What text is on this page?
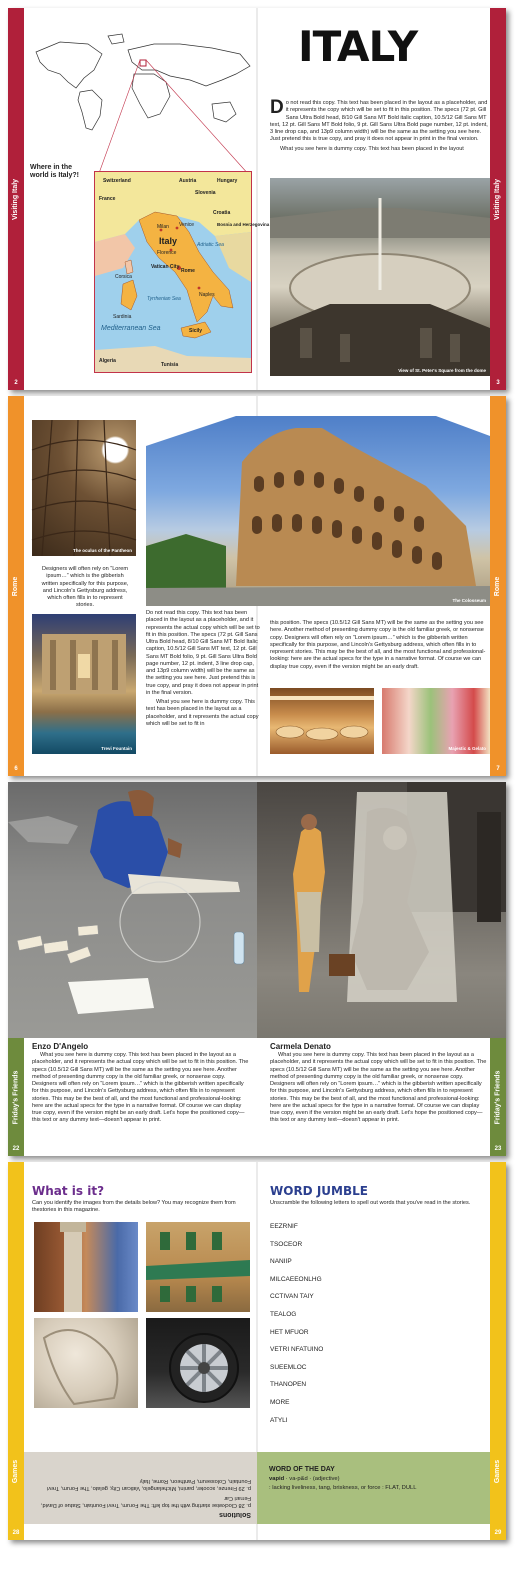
Visiting Italy	Visiting Italy
2	3
Where in the world is Italy?!
Switzerland	Austria	Hungary
Slovenia
Croatia
Bosnia and Herzegovina
France
Italy
Milan Venice
Florence
Vatican City
Rome
Naples
Corsica
Sardinia
Adriatic Sea
Tyrrhenian Sea
Mediterranean Sea	Sicily
Algeria
Tunisia
ITALY

Do not read this copy. This text has been placed in the layout as a placeholder, and it represents the copy which will be set to fit in this position. The specs (72 pt. Gill Sans Ultra Bold head, 8/10 Gill Sans MT Bold italic caption, 10.5/12 Gill Sans MT text, 12 pt. Gill Sans MT Bold folio, 9 pt. Gill Sans Ultra Bold page number, 12 pt. indent, 3 line drop cap, and 13p9 column width) will be the same as the setting you see here. Just pretend this is true copy, and pray it does not appear in print in the final version.

What you see here is dummy copy. This text has been placed in the layout

View of St. Peter's Square from the dome
Rome	Rome
6	7
The oculus of the Pantheon
Designers will often rely on “Lorem ipsum…” which is the gibberish written specifically for this purpose, and Lincoln's Gettysburg address, which often fills in to represent stories.
Trevi Fountain

Do not read this copy. This text has been placed in the layout as a placeholder, and it represents the actual copy which will be set to fit in this position. The specs (72 pt. Gill Sans Ultra Bold head, 8/10 Gill Sans MT Bold Italic caption, 10.5/12 Gill Sans MT text, 12 pt. Gill Sans MT Bold folio, 9 pt. Gill Sans Ultra Bold page number, 12 pt. indent, 3 line drop cap, and 13p9 column width) will be the same as the setting you see here. Just pretend this is true copy, and pray it does not appear in print in the final version.

What you see here is dummy copy. This text has been placed in the layout as a placeholder, and it represents the actual copy which will be set to fit in

The Colosseum
this position. The specs (10.5/12 Gill Sans MT) will be the same as the setting you see here. Another method of presenting dummy copy is the old familiar greek, or nonsense copy. Designers will often rely on “Lorem ipsum…” which is the gibberish written specifically for this purpose, and Lincoln's Gettysburg address, which often fills in to represent stories. This may be the best of all, and the most functional and professional-looking: here are the actual specs for the type in a narrative format. Of course we can display true copy, even if the version might be an early draft.
Majestic & Gelato
Friday's Friends	Friday's Friends
22	23
Enzo D'Angelo
What you see here is dummy copy. This text has been placed in the layout as a placeholder, and it represents the actual copy which will be set to fit in this position. The specs (10.5/12 Gill Sans MT) will be the same as the setting you see here. Another method of presenting dummy copy is the old familiar greek, or nonsense copy. Designers will often rely on “Lorem ipsum…” which is the gibberish written specifically for this purpose, and Lincoln's Gettysburg address, which often fills in to represent stories. This may be the best of all, and the most functional and professional-looking: here are the actual specs for the type in a narrative format. Of course we can display true copy, even if the version might be an early draft. Let's hope the positioned copy—this text or any dummy text—doesn't appear in print.
Carmela Denato
What you see here is dummy copy. This text has been placed in the layout as a placeholder, and it represents the actual copy which will be set to fit in this position. The specs (10.5/12 Gill Sans MT) will be the same as the setting you see here. Another method of presenting dummy copy is the old familiar greek, or nonsense copy. Designers will often rely on “Lorem ipsum…” which is the gibberish written specifically for this purpose, and Lincoln's Gettysburg address, which often fills in to represent stories. This may be the best of all, and the most functional and professional-looking: here are the actual specs for the type in a narrative format. Of course we can display true copy, even if the version might be an early draft. Let's hope the positioned copy—this text or any dummy text—doesn't appear in print.
Games	Games
28	29
What is it?
Can you identify the images from the details below? You may recognize them from thestories in this magazine.
WORD JUMBLE
Unscramble the following letters to spell out words that you've read in the stories.
EEZRNIF
TSOCEOR
NANIIP
MILCAEEONLHG
CCTIVAN TAIY
TEALOG
HET MFUOR
VETRI NFATUINO
SUEEMLOC
THANOPEN
MORE
ATYLI
Solutions
p. 28 Clockwise starting with the top left: The Forum, Trevi Fountain, Statue of David, Ferrari Car
p. 29 Firenze, scooter, panini, Michelangelo, Vatican City, gelato, The Forum, Trevi Fountain, Colosseum, Pantheon, Rome, Italy
WORD OF THE DAY
vapid · va-p&d · (adjective)
: lacking liveliness, tang, briskness, or force : FLAT, DULL
